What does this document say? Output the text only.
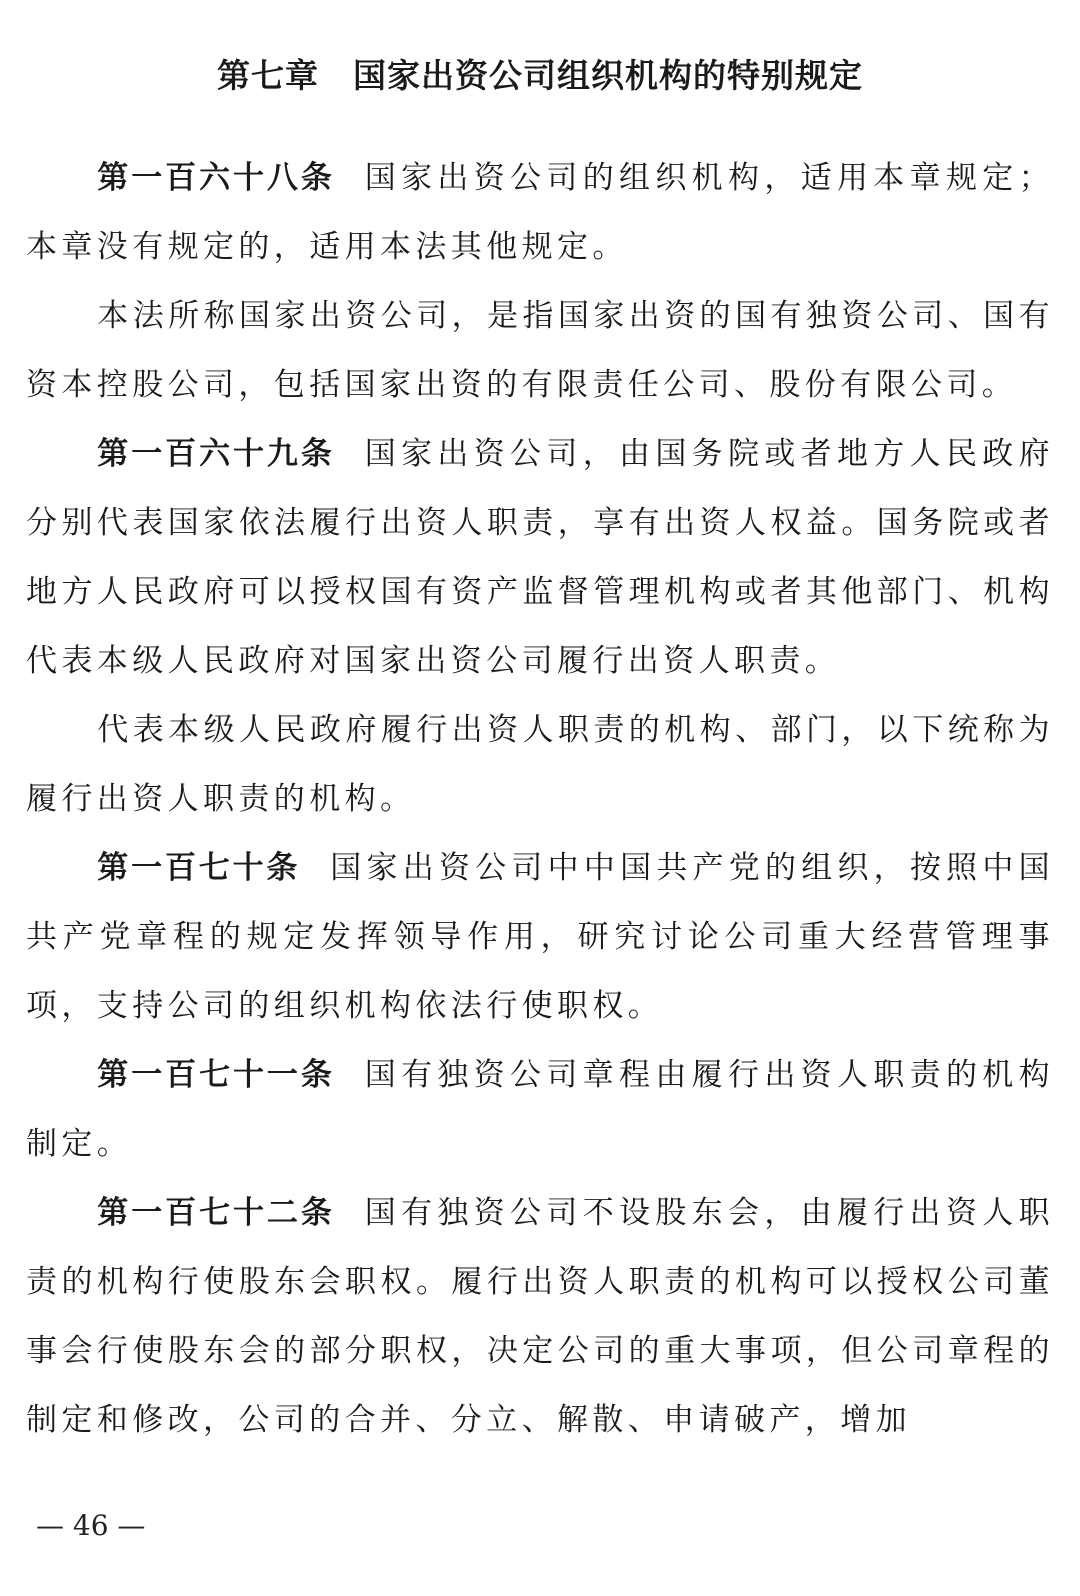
第七章　国家出资公司组织机构的特别规定

第一百六十八条 国家出资公司的组织机构，适用本章规定；本章没有规定的，适用本法其他规定。

本法所称国家出资公司，是指国家出资的国有独资公司、国有资本控股公司，包括国家出资的有限责任公司、股份有限公司。

第一百六十九条 国家出资公司，由国务院或者地方人民政府分别代表国家依法履行出资人职责，享有出资人权益。国务院或者地方人民政府可以授权国有资产监督管理机构或者其他部门、机构代表本级人民政府对国家出资公司履行出资人职责。

代表本级人民政府履行出资人职责的机构、部门，以下统称为履行出资人职责的机构。

第一百七十条 国家出资公司中中国共产党的组织，按照中国共产党章程的规定发挥领导作用，研究讨论公司重大经营管理事项，支持公司的组织机构依法行使职权。

第一百七十一条 国有独资公司章程由履行出资人职责的机构制定。

第一百七十二条 国有独资公司不设股东会，由履行出资人职责的机构行使股东会职权。履行出资人职责的机构可以授权公司董事会行使股东会的部分职权，决定公司的重大事项，但公司章程的制定和修改，公司的合并、分立、解散、申请破产，增加

— 46 —
